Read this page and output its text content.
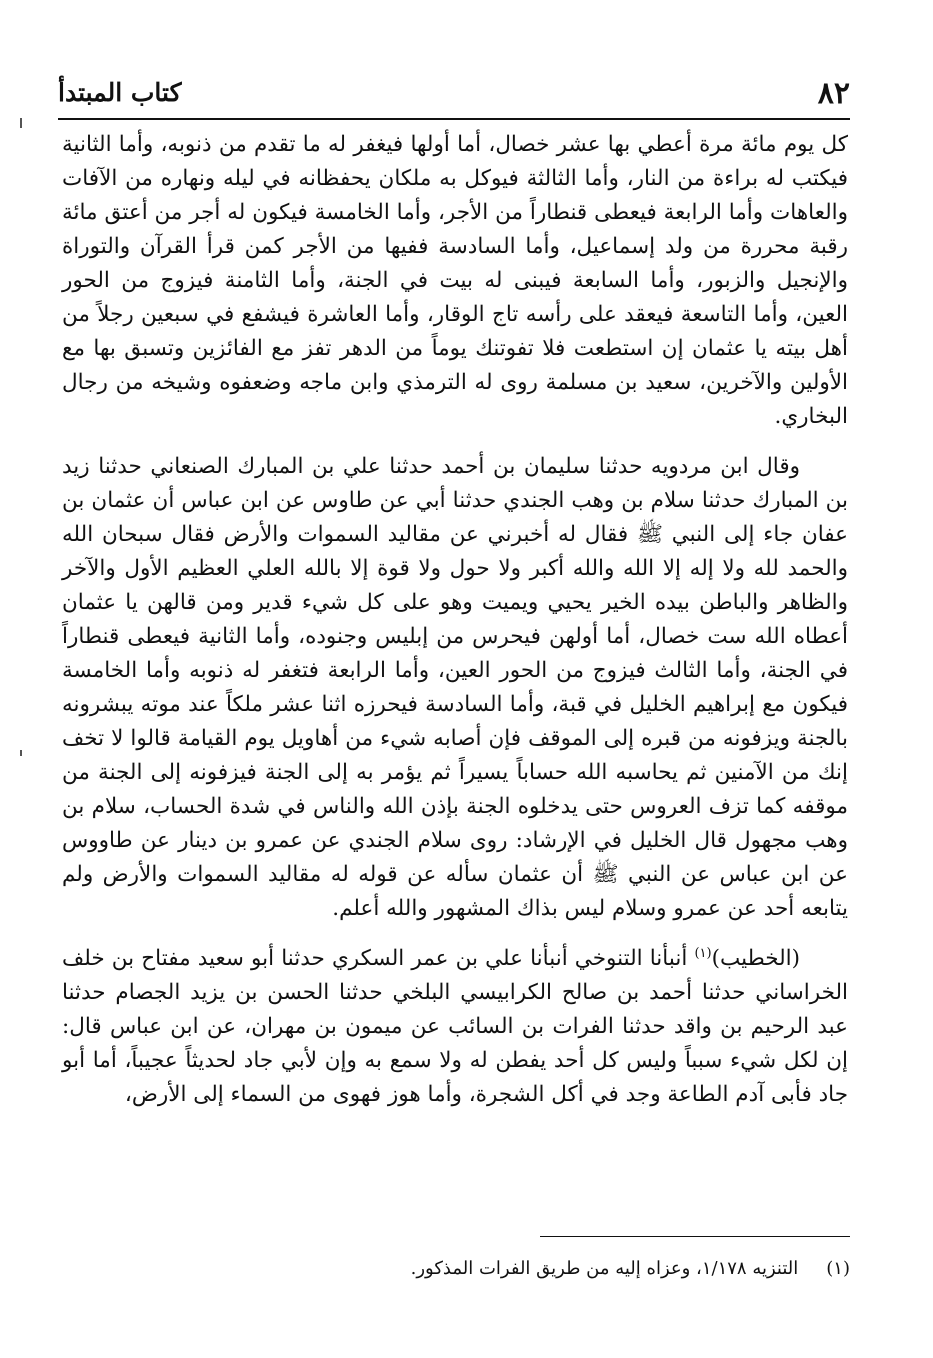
٨٢
كتاب المبتدأ

كل يوم مائة مرة أعطي بها عشر خصال، أما أولها فيغفر له ما تقدم من ذنوبه، وأما الثانية فيكتب له براءة من النار، وأما الثالثة فيوكل به ملكان يحفظانه في ليله ونهاره من الآفات والعاهات وأما الرابعة فيعطى قنطاراً من الأجر، وأما الخامسة فيكون له أجر من أعتق مائة رقبة محررة من ولد إسماعيل، وأما السادسة ففيها من الأجر كمن قرأ القرآن والتوراة والإنجيل والزبور، وأما السابعة فيبنى له بيت في الجنة، وأما الثامنة فيزوج من الحور العين، وأما التاسعة فيعقد على رأسه تاج الوقار، وأما العاشرة فيشفع في سبعين رجلاً من أهل بيته يا عثمان إن استطعت فلا تفوتنك يوماً من الدهر تفز مع الفائزين وتسبق بها مع الأولين والآخرين، سعيد بن مسلمة روى له الترمذي وابن ماجه وضعفوه وشيخه من رجال البخاري.

وقال ابن مردويه حدثنا سليمان بن أحمد حدثنا علي بن المبارك الصنعاني حدثنا زيد بن المبارك حدثنا سلام بن وهب الجندي حدثنا أبي عن طاوس عن ابن عباس أن عثمان بن عفان جاء إلى النبي ﷺ فقال له أخبرني عن مقاليد السموات والأرض فقال سبحان الله والحمد لله ولا إله إلا الله والله أكبر ولا حول ولا قوة إلا بالله العلي العظيم الأول والآخر والظاهر والباطن بيده الخير يحيي ويميت وهو على كل شيء قدير ومن قالهن يا عثمان أعطاه الله ست خصال، أما أولهن فيحرس من إبليس وجنوده، وأما الثانية فيعطى قنطاراً في الجنة، وأما الثالث فيزوج من الحور العين، وأما الرابعة فتغفر له ذنوبه وأما الخامسة فيكون مع إبراهيم الخليل في قبة، وأما السادسة فيحرزه اثنا عشر ملكاً عند موته يبشرونه بالجنة ويزفونه من قبره إلى الموقف فإن أصابه شيء من أهاويل يوم القيامة قالوا لا تخف إنك من الآمنين ثم يحاسبه الله حساباً يسيراً ثم يؤمر به إلى الجنة فيزفونه إلى الجنة من موقفه كما تزف العروس حتى يدخلوه الجنة بإذن الله والناس في شدة الحساب، سلام بن وهب مجهول قال الخليل في الإرشاد: روى سلام الجندي عن عمرو بن دينار عن طاووس عن ابن عباس عن النبي ﷺ أن عثمان سأله عن قوله له مقاليد السموات والأرض ولم يتابعه أحد عن عمرو وسلام ليس بذاك المشهور والله أعلم.

(الخطيب)$^{(١)}$ أنبأنا التنوخي أنبأنا علي بن عمر السكري حدثنا أبو سعيد مفتاح بن خلف الخراساني حدثنا أحمد بن صالح الكرابيسي البلخي حدثنا الحسن بن يزيد الجصام حدثنا عبد الرحيم بن واقد حدثنا الفرات بن السائب عن ميمون بن مهران، عن ابن عباس قال: إن لكل شيء سبباً وليس كل أحد يفطن له ولا سمع به وإن لأبي جاد لحديثاً عجيباً، أما أبو جاد فأبى آدم الطاعة وجد في أكل الشجرة، وأما هوز فهوى من السماء إلى الأرض،

(١)التنزيه ١/١٧٨، وعزاه إليه من طريق الفرات المذكور.
